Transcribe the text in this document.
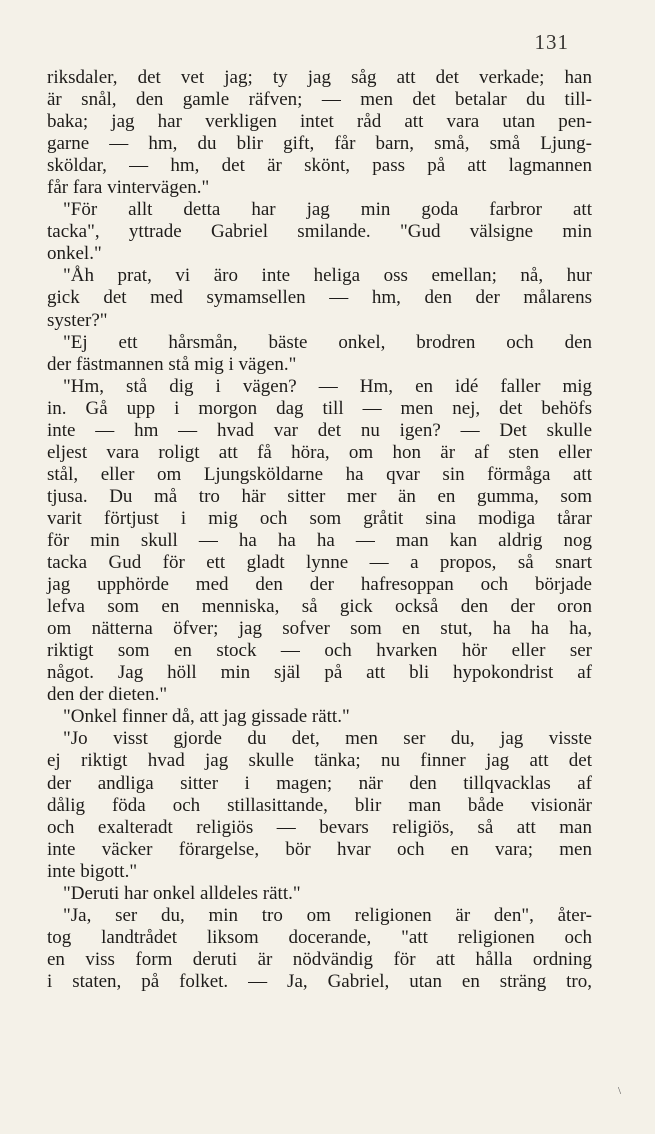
131
riksdaler, det vet jag; ty jag såg att det verkade; han
är snål, den gamle räfven; — men det betalar du till-
baka; jag har verkligen intet råd att vara utan pen-
garne — hm, du blir gift, får barn, små, små Ljung-
sköldar, — hm, det är skönt, pass på att lagmannen
får fara vintervägen."
"För allt detta har jag min goda farbror att
tacka", yttrade Gabriel smilande. "Gud välsigne min
onkel."
"Åh prat, vi äro inte heliga oss emellan; nå, hur
gick det med symamsellen — hm, den der målarens
syster?"
"Ej ett hårsmån, bäste onkel, brodren och den
der fästmannen stå mig i vägen."
"Hm, stå dig i vägen? — Hm, en idé faller mig
in. Gå upp i morgon dag till — men nej, det behöfs
inte — hm — hvad var det nu igen? — Det skulle
eljest vara roligt att få höra, om hon är af sten eller
stål, eller om Ljungsköldarne ha qvar sin förmåga att
tjusa. Du må tro här sitter mer än en gumma, som
varit förtjust i mig och som gråtit sina modiga tårar
för min skull — ha ha ha — man kan aldrig nog
tacka Gud för ett gladt lynne — a propos, så snart
jag upphörde med den der hafresoppan och började
lefva som en menniska, så gick också den der oron
om nätterna öfver; jag sofver som en stut, ha ha ha,
riktigt som en stock — och hvarken hör eller ser
något. Jag höll min själ på att bli hypokondrist af
den der dieten."
"Onkel finner då, att jag gissade rätt."
"Jo visst gjorde du det, men ser du, jag visste
ej riktigt hvad jag skulle tänka; nu finner jag att det
der andliga sitter i magen; när den tillqvacklas af
dålig föda och stillasittande, blir man både visionär
och exalteradt religiös — bevars religiös, så att man
inte väcker förargelse, bör hvar och en vara; men
inte bigott."
"Deruti har onkel alldeles rätt."
"Ja, ser du, min tro om religionen är den", åter-
tog landtrådet liksom docerande, "att religionen och
en viss form deruti är nödvändig för att hålla ordning
i staten, på folket. — Ja, Gabriel, utan en sträng tro,
\
